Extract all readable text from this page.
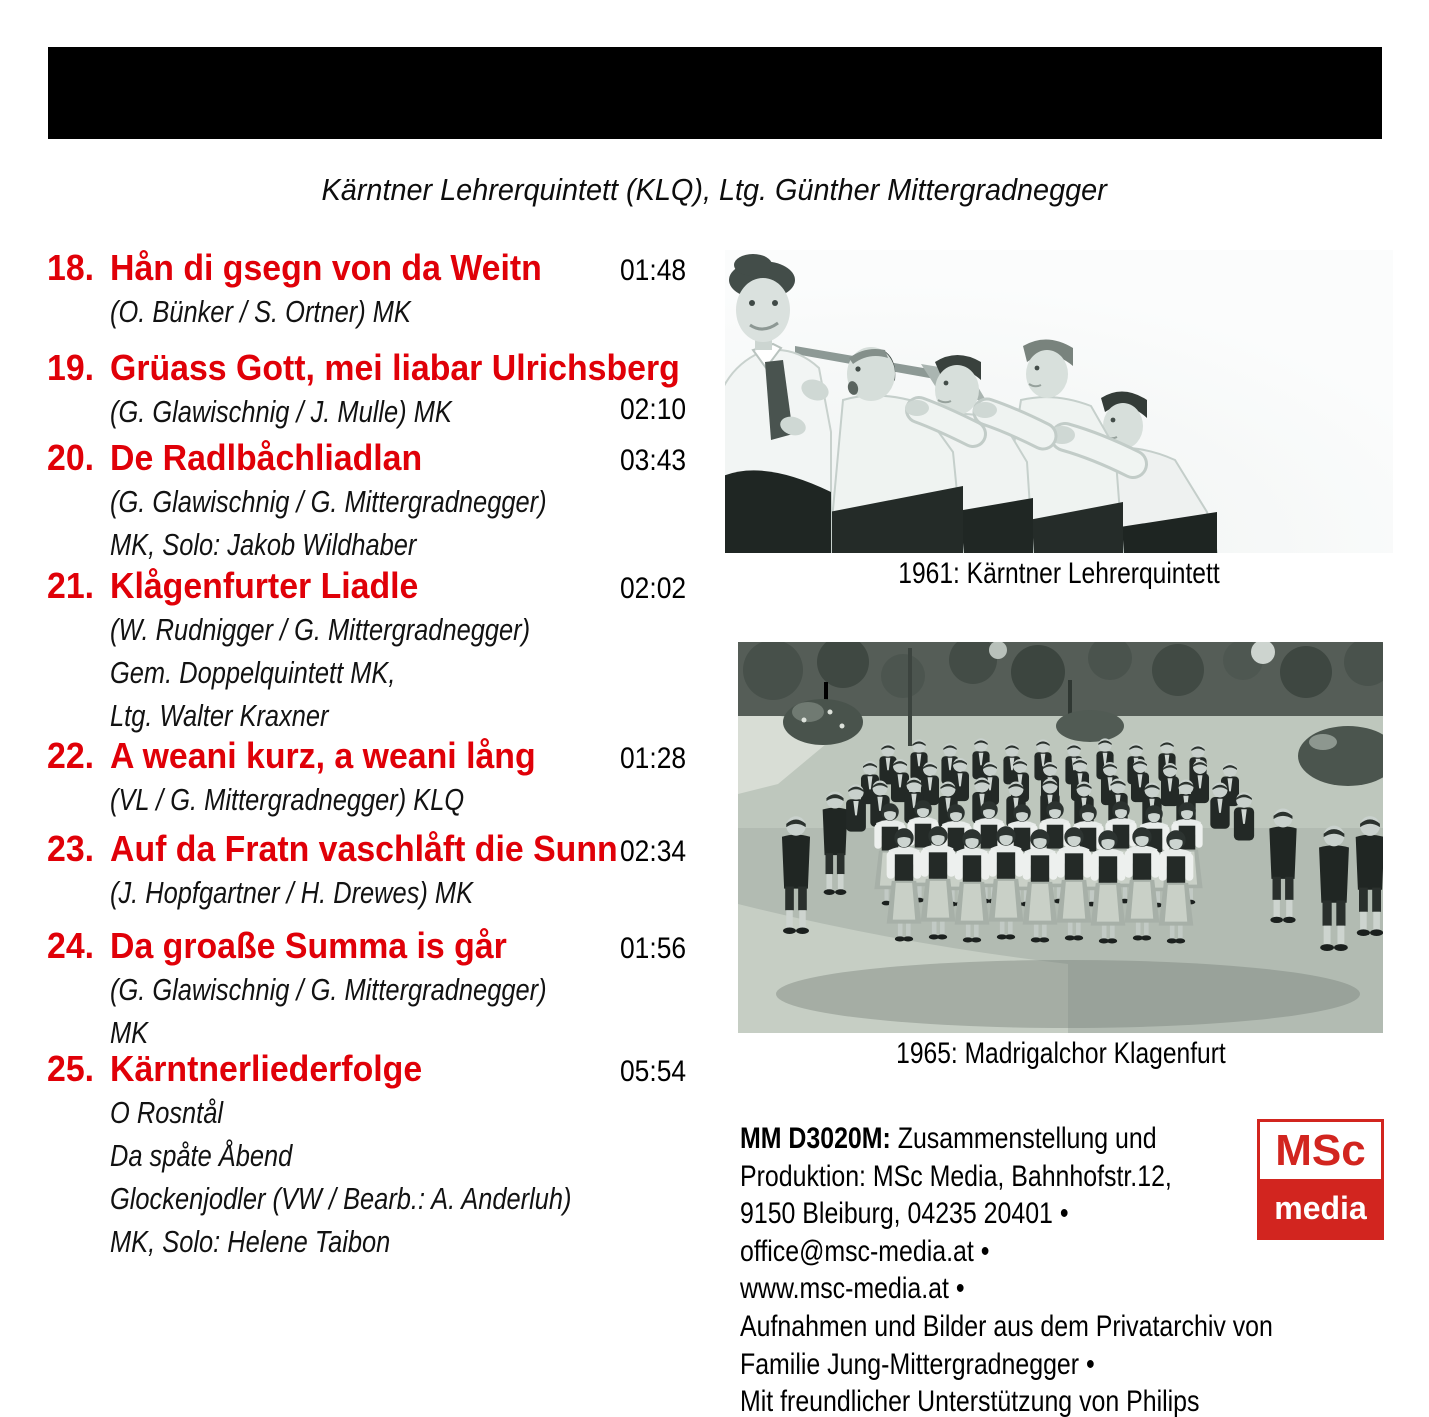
Kärntner Lehrerquintett (KLQ), Ltg. Günther Mittergradnegger
18.	01:48
Hån di gsegn von da Weitn
(O. Bünker / S. Ortner) MK
19.
02:10
Grüass Gott, mei liabar Ulrichsberg
(G. Glawischnig / J. Mulle) MK
20.	03:43
De Radlbåchliadlan
(G. Glawischnig / G. Mittergradnegger)
MK, Solo: Jakob Wildhaber
21.	02:02
Klågenfurter Liadle
(W. Rudnigger / G. Mittergradnegger)
Gem. Doppelquintett MK,
Ltg. Walter Kraxner
22.	01:28
A weani kurz, a weani lång
(VL / G. Mittergradnegger) KLQ
23.	02:34
Auf da Fratn vaschlåft die Sunn
(J. Hopfgartner / H. Drewes) MK
24.	01:56
Da groaße Summa is går
(G. Glawischnig / G. Mittergradnegger)
MK
25.	05:54
Kärntnerliederfolge
O Rosntål
Da spåte Åbend
Glockenjodler (VW / Bearb.: A. Anderluh)
MK, Solo: Helene Taibon
1961: Kärntner Lehrerquintett
1965: Madrigalchor Klagenfurt
MM D3020M: Zusammenstellung und
Produktion: MSc Media, Bahnhofstr.12,
9150 Bleiburg, 04235 20401 •
office@msc-media.at •
www.msc-media.at •
Aufnahmen und Bilder aus dem Privatarchiv von
Familie Jung-Mittergradnegger •
Mit freundlicher Unterstützung von Philips
MSc
media
